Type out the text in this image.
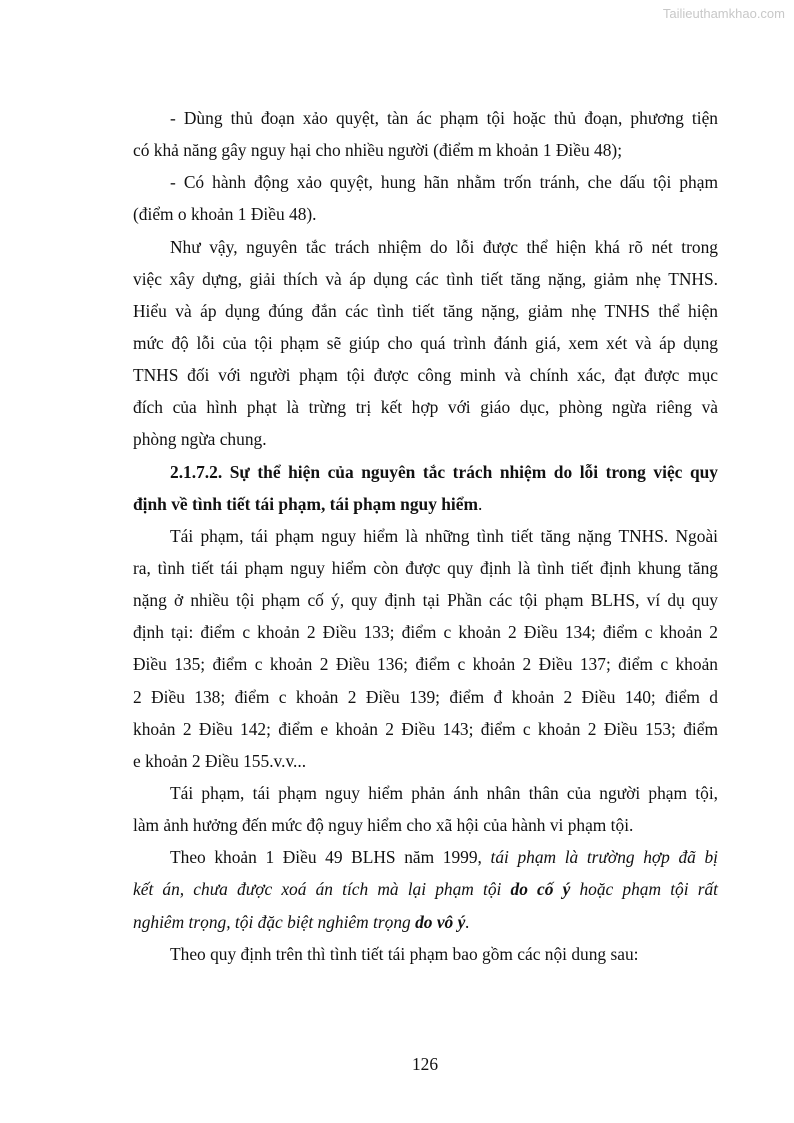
Tailieuthamkhao.com
- Dùng thủ đoạn xảo quyệt, tàn ác phạm tội hoặc thủ đoạn, phương tiện
có khả năng gây nguy hại cho nhiều người (điểm m khoản 1 Điều 48);
- Có hành động xảo quyệt, hung hãn nhằm trốn tránh, che dấu tội phạm
(điểm o khoản 1 Điều 48).
Như vậy, nguyên tắc trách nhiệm do lỗi được thể hiện khá rõ nét trong
việc xây dựng, giải thích và áp dụng các tình tiết tăng nặng, giảm nhẹ TNHS.
Hiểu và áp dụng đúng đắn các tình tiết tăng nặng, giảm nhẹ TNHS thể hiện
mức độ lỗi của tội phạm sẽ giúp cho quá trình đánh giá, xem xét và áp dụng
TNHS đối với người phạm tội được công minh và chính xác, đạt được mục
đích của hình phạt là trừng trị kết hợp với giáo dục, phòng ngừa riêng và
phòng ngừa chung.
2.1.7.2. Sự thể hiện của nguyên tắc trách nhiệm do lỗi trong việc quy
định về tình tiết tái phạm, tái phạm nguy hiểm.
Tái phạm, tái phạm nguy hiểm là những tình tiết tăng nặng TNHS. Ngoài
ra, tình tiết tái phạm nguy hiểm còn được quy định là tình tiết định khung tăng
nặng ở nhiều tội phạm cố ý, quy định tại Phần các tội phạm BLHS, ví dụ quy
định tại: điểm c khoản 2 Điều 133; điểm c khoản 2 Điều 134; điểm c khoản 2
Điều 135; điểm c khoản 2 Điều 136; điểm c khoản 2 Điều 137; điểm c khoản
2 Điều 138; điểm c khoản 2 Điều 139; điểm đ khoản 2 Điều 140; điểm d
khoản 2 Điều 142; điểm e khoản 2 Điều 143; điểm c khoản 2 Điều 153; điểm
e khoản 2 Điều 155.v.v...
Tái phạm, tái phạm nguy hiểm phản ánh nhân thân của người phạm tội,
làm ảnh hưởng đến mức độ nguy hiểm cho xã hội của hành vi phạm tội.
Theo khoản 1 Điều 49 BLHS năm 1999, tái phạm là trường hợp đã bị
kết án, chưa được xoá án tích mà lại phạm tội do cố ý hoặc phạm tội rất
nghiêm trọng, tội đặc biệt nghiêm trọng do vô ý.
Theo quy định trên thì tình tiết tái phạm bao gồm các nội dung sau:
126
